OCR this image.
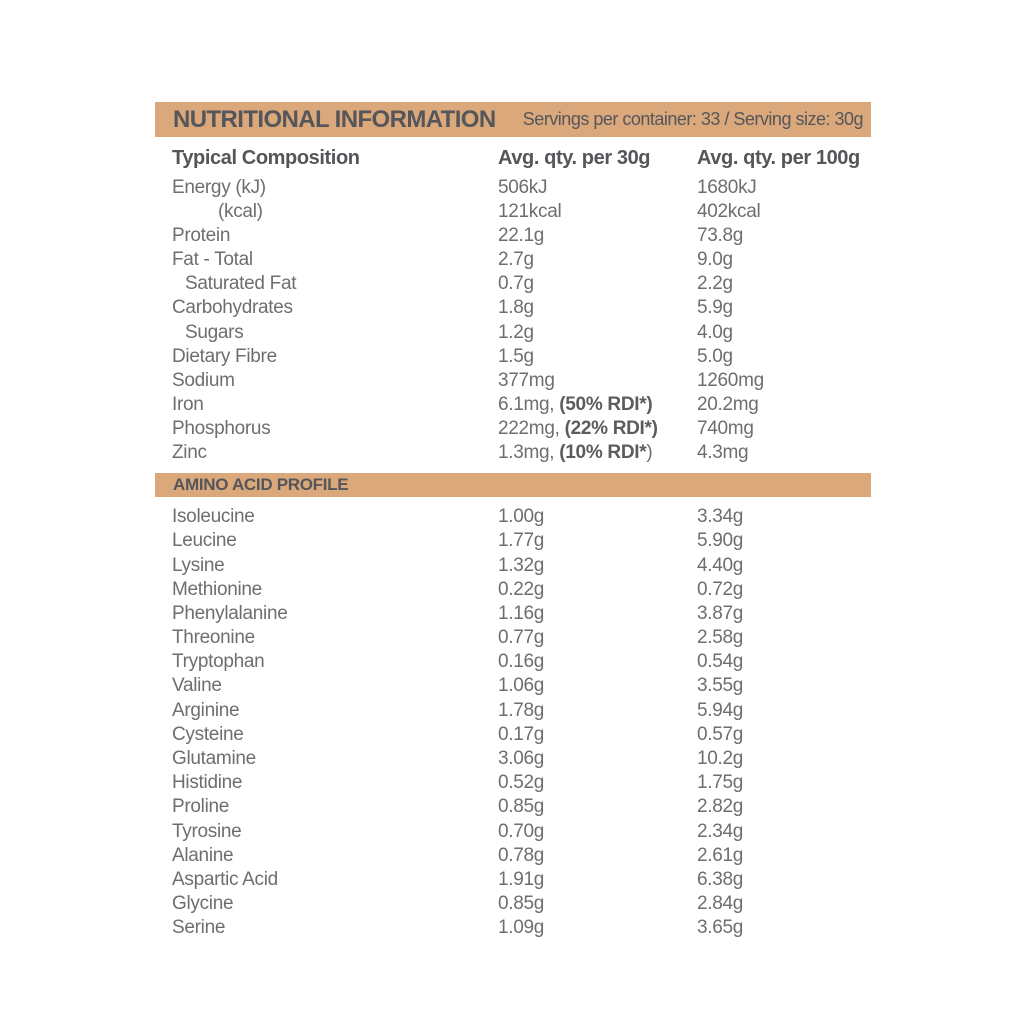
NUTRITIONAL INFORMATION Servings per container: 33 / Serving size: 30g
Typical Composition	Avg. qty. per 30g	Avg. qty. per 100g
Energy (kJ)	506kJ	1680kJ
(kcal)	121kcal	402kcal
Protein	22.1g	73.8g
Fat - Total	2.7g	9.0g
Saturated Fat	0.7g	2.2g
Carbohydrates	1.8g	5.9g
Sugars	1.2g	4.0g
Dietary Fibre	1.5g	5.0g
Sodium	377mg	1260mg
Iron	6.1mg, (50% RDI*)	20.2mg
Phosphorus	222mg, (22% RDI*)	740mg
Zinc	1.3mg, (10% RDI*)	4.3mg
AMINO ACID PROFILE
Isoleucine	1.00g	3.34g
Leucine	1.77g	5.90g
Lysine	1.32g	4.40g
Methionine	0.22g	0.72g
Phenylalanine	1.16g	3.87g
Threonine	0.77g	2.58g
Tryptophan	0.16g	0.54g
Valine	1.06g	3.55g
Arginine	1.78g	5.94g
Cysteine	0.17g	0.57g
Glutamine	3.06g	10.2g
Histidine	0.52g	1.75g
Proline	0.85g	2.82g
Tyrosine	0.70g	2.34g
Alanine	0.78g	2.61g
Aspartic Acid	1.91g	6.38g
Glycine	0.85g	2.84g
Serine	1.09g	3.65g
